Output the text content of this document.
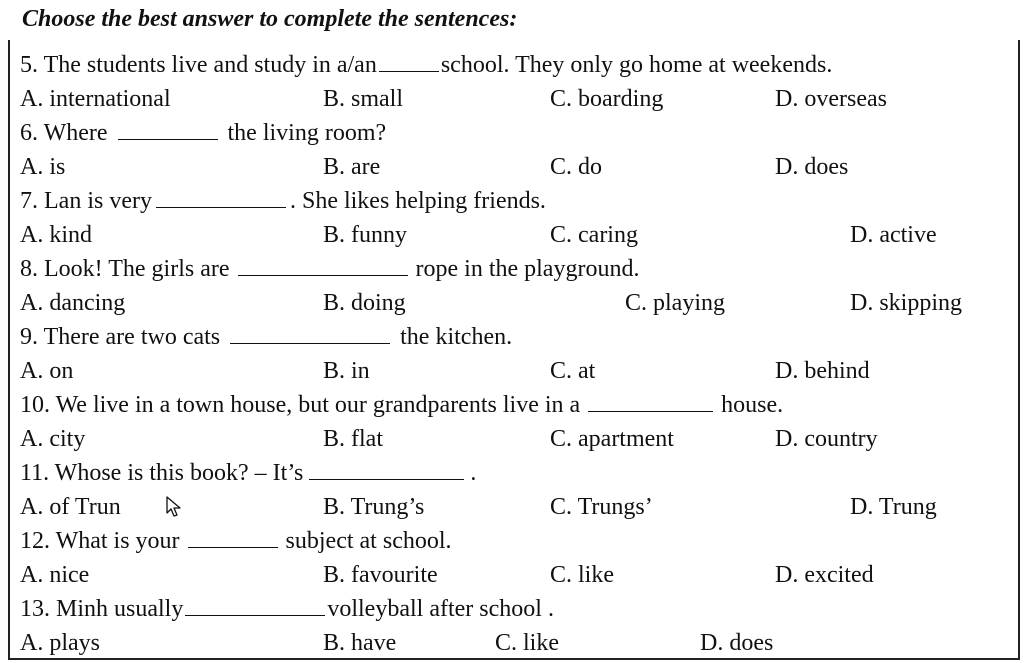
Choose the best answer to complete the sentences:
5. The students live and study in a/an	school. They only go home at weekends.
A. international	B. small	C. boarding	D. overseas
6. Where	the living room?
A. is	B. are	C. do	D. does
7. Lan is very	. She likes helping friends.
A. kind	B. funny	C. caring	D. active
8. Look! The girls are	rope in the playground.
A. dancing	B. doing	C. playing	D. skipping
9. There are two cats	the kitchen.
A. on	B. in	C. at	D. behind
10. We live in a town house, but our grandparents live in a	house.
A. city	B. flat	C. apartment	D. country
11. Whose is this book? – It’s	.
A. of Trun	B. Trung’s	C. Trungs’	D. Trung
12. What is your	subject at school.
A. nice	B. favourite	C. like	D. excited
13. Minh usually	volleyball after school .
A. plays	B. have	C. like	D. does
